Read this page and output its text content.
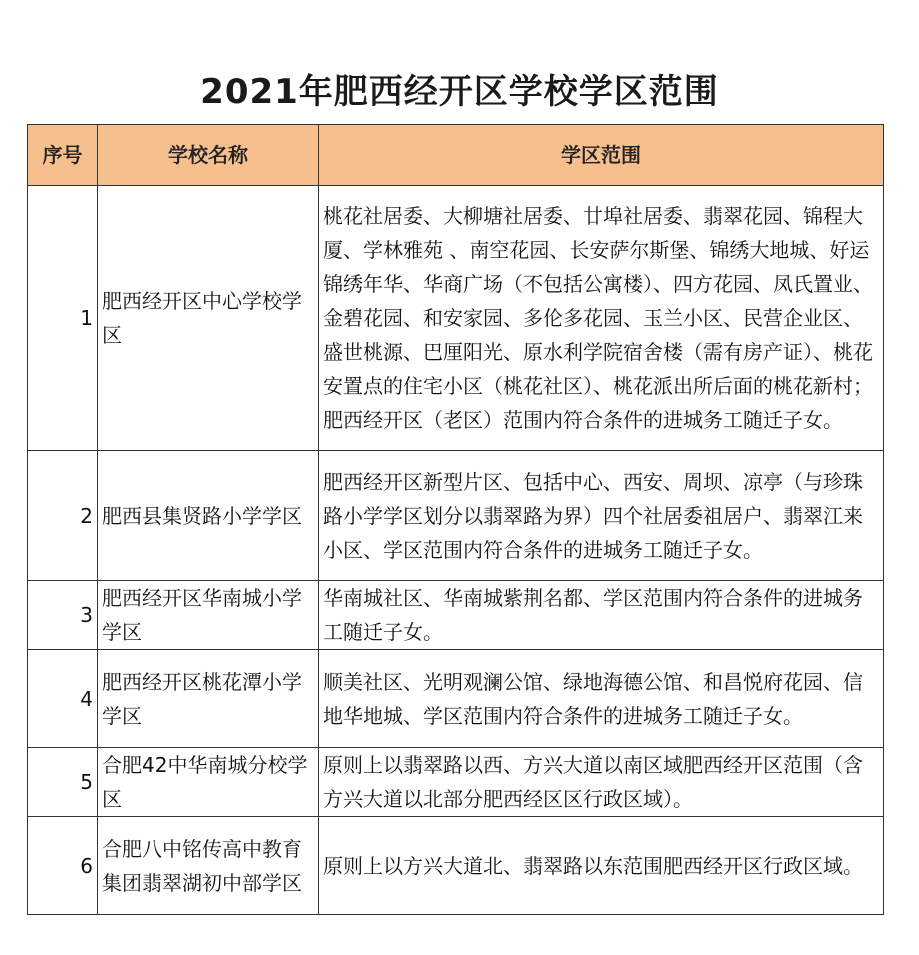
2021年肥西经开区学校学区范围
序号	学校名称	学区范围
1	肥西经开区中心学校学区	桃花社居委、大柳塘社居委、廿埠社居委、翡翠花园、锦程大厦、学林雅苑 、南空花园、长安萨尔斯堡、锦绣大地城、好运锦绣年华、华商广场（不包括公寓楼）、四方花园、凤氏置业、金碧花园、和安家园、多伦多花园、玉兰小区、民营企业区、盛世桃源、巴厘阳光、原水利学院宿舍楼（需有房产证）、桃花安置点的住宅小区（桃花社区）、桃花派出所后面的桃花新村；肥西经开区（老区）范围内符合条件的进城务工随迁子女。
2	肥西县集贤路小学学区	肥西经开区新型片区、包括中心、西安、周坝、凉亭（与珍珠路小学学区划分以翡翠路为界）四个社居委祖居户、翡翠江来小区、学区范围内符合条件的进城务工随迁子女。
3	肥西经开区华南城小学学区	华南城社区、华南城紫荆名都、学区范围内符合条件的进城务工随迁子女。
4	肥西经开区桃花潭小学学区	顺美社区、光明观澜公馆、绿地海德公馆、和昌悦府花园、信地华地城、学区范围内符合条件的进城务工随迁子女。
5	合肥42中华南城分校学区	原则上以翡翠路以西、方兴大道以南区域肥西经开区范围（含方兴大道以北部分肥西经区区行政区域）。
6	合肥八中铭传高中教育集团翡翠湖初中部学区	原则上以方兴大道北、翡翠路以东范围肥西经开区行政区域。
